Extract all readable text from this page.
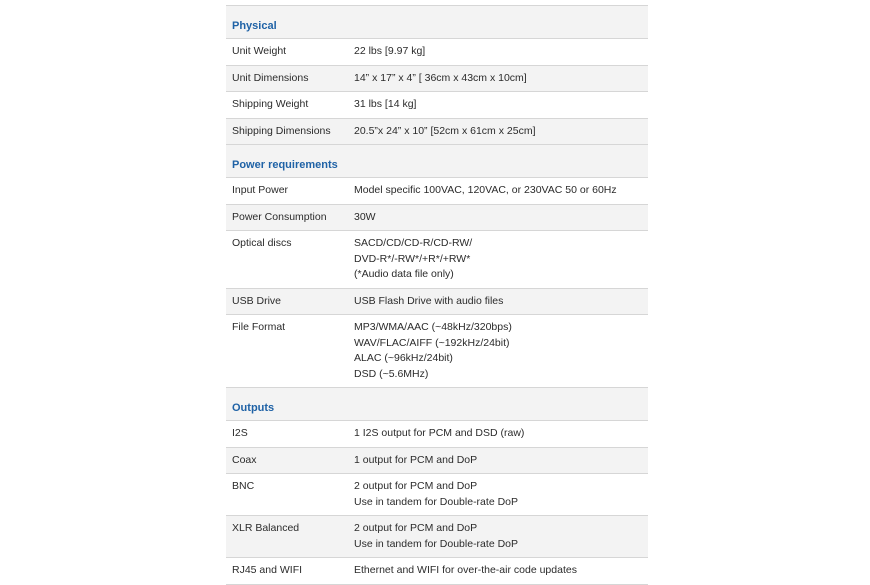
Physical	
Unit Weight	22 lbs [9.97 kg]

Unit Dimensions	14” x 17” x 4” [ 36cm x 43cm x 10cm]

Shipping Weight	31 lbs [14 kg]

Shipping Dimensions	20.5”x 24” x 10” [52cm x 61cm x 25cm]

Power requirements	
Input Power	Model specific 100VAC, 120VAC, or 230VAC 50 or 60Hz

Power Consumption	30W

Optical discs	SACD/CD/CD-R/CD-RW/
DVD-R*/-RW*/+R*/+RW*
(*Audio data file only)

USB Drive	USB Flash Drive with audio files

File Format	MP3/WMA/AAC (~48kHz/320bps)
WAV/FLAC/AIFF (~192kHz/24bit)
ALAC (~96kHz/24bit)
DSD (~5.6MHz)

Outputs	
I2S	1 I2S output for PCM and DSD (raw)

Coax	1 output for PCM and DoP

BNC	2 output for PCM and DoP
Use in tandem for Double-rate DoP

XLR Balanced	2 output for PCM and DoP
Use in tandem for Double-rate DoP

RJ45 and WIFI	Ethernet and WIFI for over-the-air code updates
